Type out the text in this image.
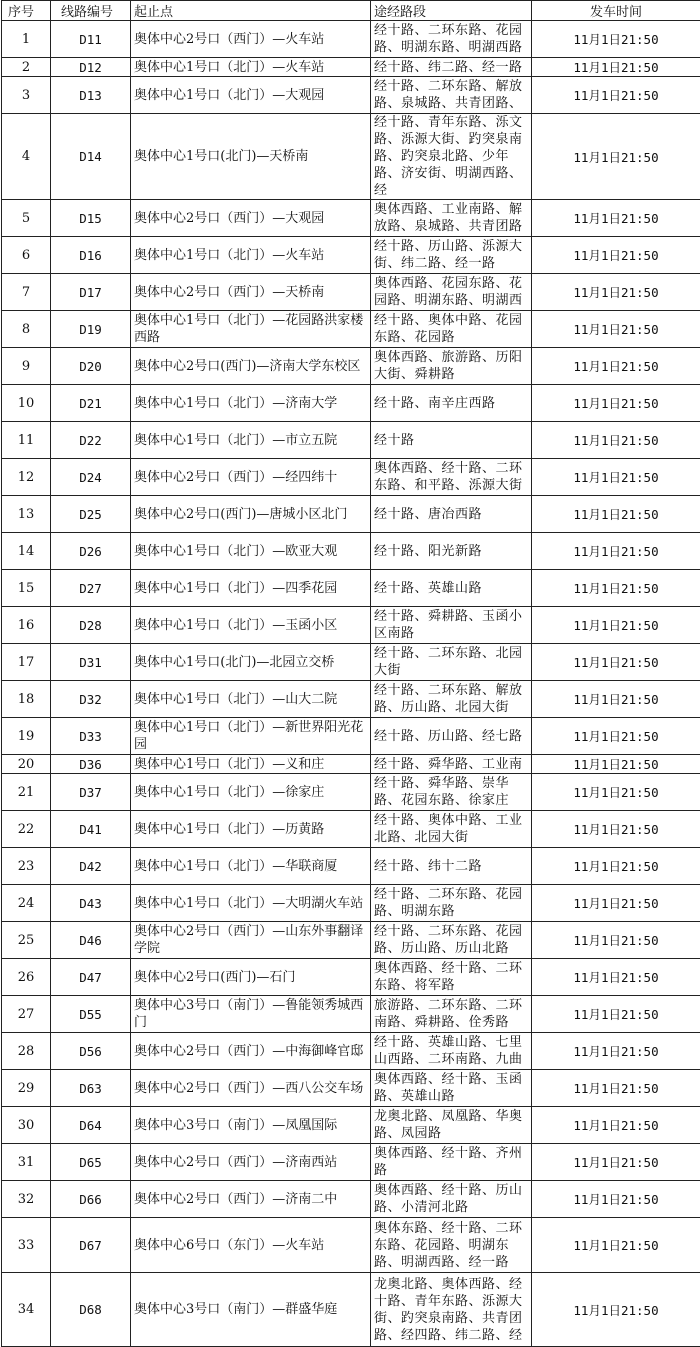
序号	线路编号	起止点	途经路段	发车时间
1	D11	奥体中心2号口（西门）—火车站	经十路、二环东路、花园路、明湖东路、明湖西路	11月1日21:50
2	D12	奥体中心1号口（北门）—火车站	经十路、纬二路、经一路	11月1日21:50
3	D13	奥体中心1号口（北门）—大观园	经十路、二环东路、解放路、泉城路、共青团路、	11月1日21:50
4	D14	奥体中心1号口(北门)—天桥南	经十路、青年东路、泺文路、泺源大街、趵突泉南路、趵突泉北路、少年路、济安街、明湖西路、经	11月1日21:50
5	D15	奥体中心2号口（西门）—大观园	奥体西路、工业南路、解放路、泉城路、共青团路	11月1日21:50
6	D16	奥体中心1号口（北门）—火车站	经十路、历山路、泺源大街、纬二路、经一路	11月1日21:50
7	D17	奥体中心2号口（西门）—天桥南	奥体西路、花园东路、花园路、明湖东路、明湖西	11月1日21:50
8	D19	奥体中心1号口（北门）—花园路洪家楼西路	经十路、奥体中路、花园东路、花园路	11月1日21:50
9	D20	奥体中心2号口(西门)—济南大学东校区	奥体西路、旅游路、历阳大街、舜耕路	11月1日21:50
10	D21	奥体中心1号口（北门）—济南大学	经十路、南辛庄西路	11月1日21:50
11	D22	奥体中心1号口（北门）—市立五院	经十路	11月1日21:50
12	D24	奥体中心2号口（西门）—经四纬十	奥体西路、经十路、二环东路、和平路、泺源大街	11月1日21:50
13	D25	奥体中心2号口(西门)—唐城小区北门	经十路、唐冶西路	11月1日21:50
14	D26	奥体中心1号口（北门）—欧亚大观	经十路、阳光新路	11月1日21:50
15	D27	奥体中心1号口（北门）—四季花园	经十路、英雄山路	11月1日21:50
16	D28	奥体中心1号口（北门）—玉函小区	经十路、舜耕路、玉函小区南路	11月1日21:50
17	D31	奥体中心1号口(北门)—北园立交桥	经十路、二环东路、北园大街	11月1日21:50
18	D32	奥体中心1号口（北门）—山大二院	经十路、二环东路、解放路、历山路、北园大街	11月1日21:50
19	D33	奥体中心1号口（北门）—新世界阳光花园	经十路、历山路、经七路	11月1日21:50
20	D36	奥体中心1号口（北门）—义和庄	经十路、舜华路、工业南	11月1日21:50
21	D37	奥体中心1号口（北门）—徐家庄	经十路、舜华路、崇华路、花园东路、徐家庄	11月1日21:50
22	D41	奥体中心1号口（北门）—历黄路	经十路、奥体中路、工业北路、北园大街	11月1日21:50
23	D42	奥体中心1号口（北门）—华联商厦	经十路、纬十二路	11月1日21:50
24	D43	奥体中心1号口（北门）—大明湖火车站	经十路、二环东路、花园路、明湖东路	11月1日21:50
25	D46	奥体中心2号口（西门）—山东外事翻译学院	经十路、二环东路、花园路、历山路、历山北路	11月1日21:50
26	D47	奥体中心2号口(西门)—石门	奥体西路、经十路、二环东路、将军路	11月1日21:50
27	D55	奥体中心3号口（南门）—鲁能领秀城西门	旅游路、二环东路、二环南路、舜耕路、佺秀路	11月1日21:50
28	D56	奥体中心2号口（西门）—中海御峰官邸	经十路、英雄山路、七里山西路、二环南路、九曲	11月1日21:50
29	D63	奥体中心2号口（西门）—西八公交车场	奥体西路、经十路、玉函路、英雄山路	11月1日21:50
30	D64	奥体中心3号口（南门）—凤凰国际	龙奥北路、凤凰路、华奥路、凤园路	11月1日21:50
31	D65	奥体中心2号口（西门）—济南西站	奥体西路、经十路、齐州路	11月1日21:50
32	D66	奥体中心2号口（西门）—济南二中	奥体西路、经十路、历山路、小清河北路	11月1日21:50
33	D67	奥体中心6号口（东门）—火车站	奥体东路、经十路、二环东路、花园路、明湖东路、明湖西路、经一路	11月1日21:50
34	D68	奥体中心3号口（南门）—群盛华庭	龙奥北路、奥体西路、经十路、青年东路、泺源大街、趵突泉南路、共青团路、经四路、纬二路、经	11月1日21:50
